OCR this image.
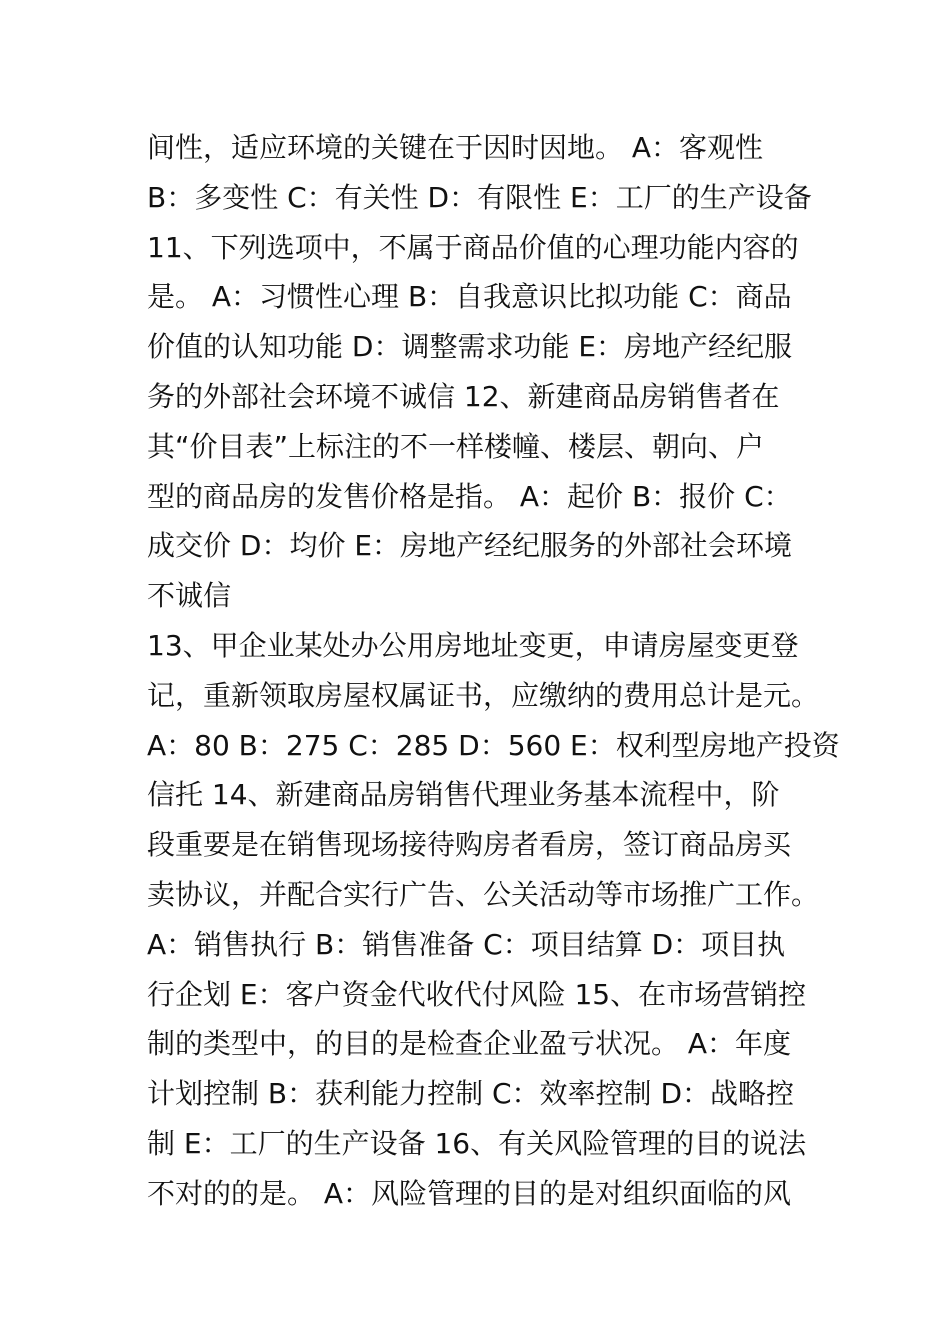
间性，适应环境的关键在于因时因地。 A：客观性
B：多变性 C：有关性 D：有限性 E：工厂的生产设备
11、下列选项中，不属于商品价值的心理功能内容的
是。 A：习惯性心理 B：自我意识比拟功能 C：商品
价值的认知功能 D：调整需求功能 E：房地产经纪服
务的外部社会环境不诚信 12、新建商品房销售者在
其“价目表”上标注的不一样楼幢、楼层、朝向、户
型的商品房的发售价格是指。 A：起价 B：报价 C：
成交价 D：均价 E：房地产经纪服务的外部社会环境
不诚信
13、甲企业某处办公用房地址变更，申请房屋变更登
记，重新领取房屋权属证书，应缴纳的费用总计是元。
A：80 B：275 C：285 D：560 E：权利型房地产投资
信托 14、新建商品房销售代理业务基本流程中，阶
段重要是在销售现场接待购房者看房，签订商品房买
卖协议，并配合实行广告、公关活动等市场推广工作。
A：销售执行 B：销售准备 C：项目结算 D：项目执
行企划 E：客户资金代收代付风险 15、在市场营销控
制的类型中，的目的是检查企业盈亏状况。 A：年度
计划控制 B：获利能力控制 C：效率控制 D：战略控
制 E：工厂的生产设备 16、有关风险管理的目的说法
不对的的是。 A：风险管理的目的是对组织面临的风
